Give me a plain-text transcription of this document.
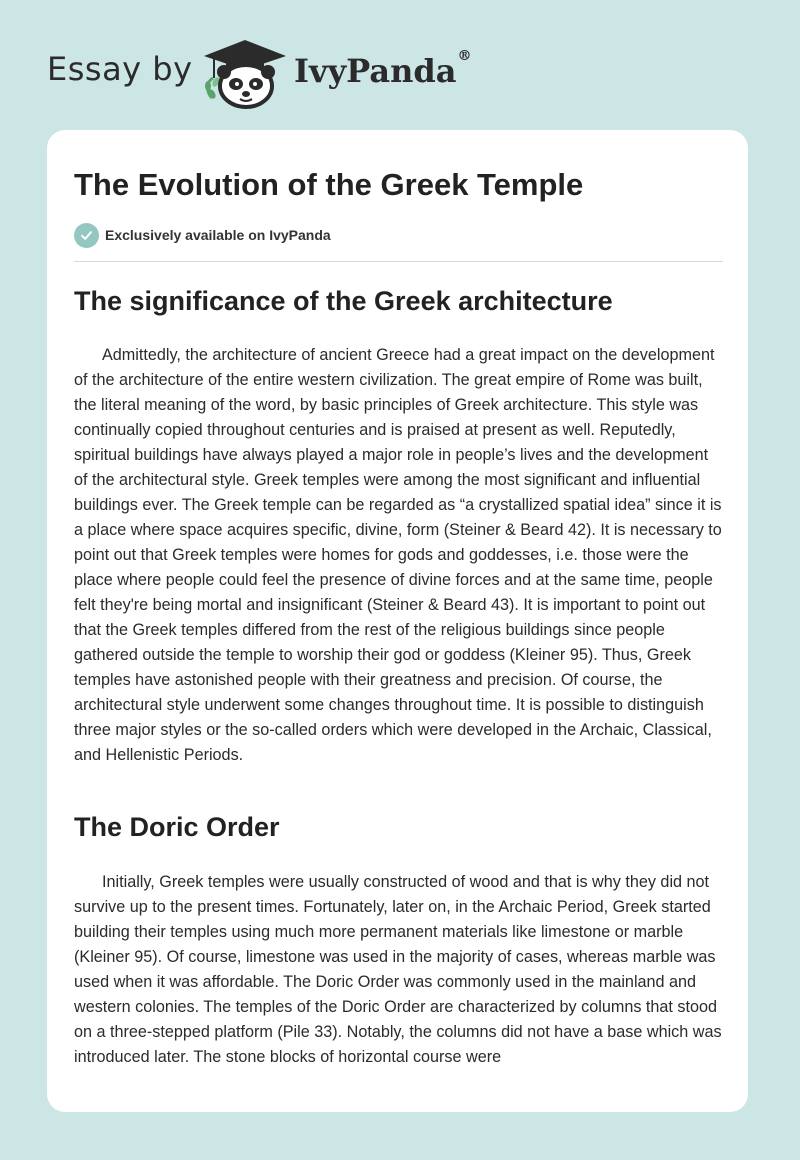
Essay by	IvyPanda®
The Evolution of the Greek Temple
Exclusively available on IvyPanda
The significance of the Greek architecture

Admittedly, the architecture of ancient Greece had a great impact on the development of the architecture of the entire western civilization. The great empire of Rome was built, the literal meaning of the word, by basic principles of Greek architecture. This style was continually copied throughout centuries and is praised at present as well. Reputedly, spiritual buildings have always played a major role in people’s lives and the development of the architectural style. Greek temples were among the most significant and influential buildings ever. The Greek temple can be regarded as “a crystallized spatial idea” since it is a place where space acquires specific, divine, form (Steiner & Beard 42). It is necessary to point out that Greek temples were homes for gods and goddesses, i.e. those were the place where people could feel the presence of divine forces and at the same time, people felt they're being mortal and insignificant (Steiner & Beard 43). It is important to point out that the Greek temples differed from the rest of the religious buildings since people gathered outside the temple to worship their god or goddess (Kleiner 95). Thus, Greek temples have astonished people with their greatness and precision. Of course, the architectural style underwent some changes throughout time. It is possible to distinguish three major styles or the so-called orders which were developed in the Archaic, Classical, and Hellenistic Periods.

The Doric Order

Initially, Greek temples were usually constructed of wood and that is why they did not survive up to the present times. Fortunately, later on, in the Archaic Period, Greek started building their temples using much more permanent materials like limestone or marble (Kleiner 95). Of course, limestone was used in the majority of cases, whereas marble was used when it was affordable. The Doric Order was commonly used in the mainland and western colonies. The temples of the Doric Order are characterized by columns that stood on a three-stepped platform (Pile 33). Notably, the columns did not have a base which was introduced later. The stone blocks of horizontal course were
